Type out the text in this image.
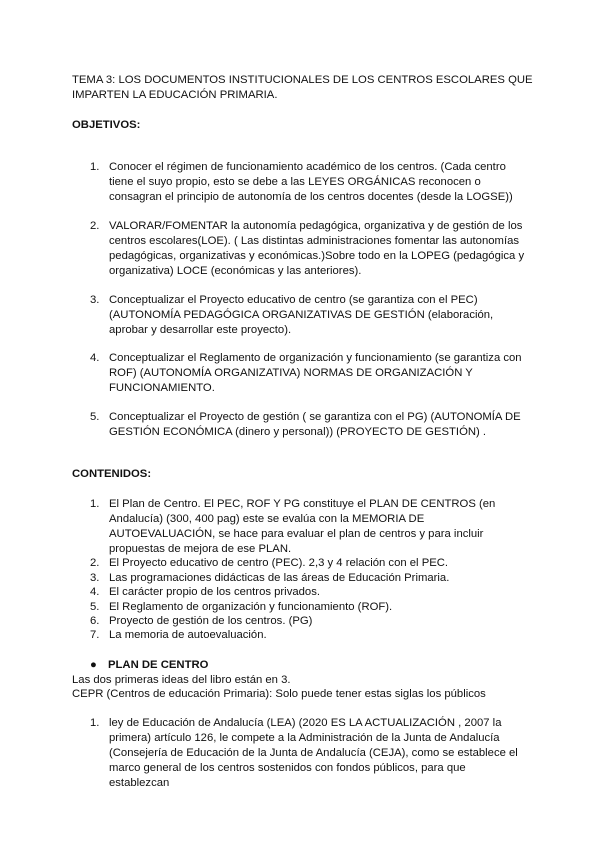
TEMA 3: LOS DOCUMENTOS INSTITUCIONALES DE LOS CENTROS ESCOLARES QUE IMPARTEN LA EDUCACIÓN PRIMARIA.
OBJETIVOS:
1. Conocer el régimen de funcionamiento académico de los centros. (Cada centro tiene el suyo propio, esto se debe a las LEYES ORGÁNICAS reconocen o consagran el principio de autonomía de los centros docentes (desde la LOGSE))
2. VALORAR/FOMENTAR la autonomía pedagógica, organizativa y de gestión de los centros escolares(LOE). ( Las distintas administraciones fomentar las autonomías pedagógicas, organizativas y económicas.)Sobre todo en la LOPEG (pedagógica y organizativa) LOCE (económicas y las anteriores).
3. Conceptualizar el Proyecto educativo de centro (se garantiza con el PEC) (AUTONOMÍA PEDAGÓGICA ORGANIZATIVAS DE GESTIÓN (elaboración, aprobar y desarrollar este proyecto).
4. Conceptualizar el Reglamento de organización y funcionamiento (se garantiza con ROF) (AUTONOMÍA ORGANIZATIVA) NORMAS DE ORGANIZACIÓN Y FUNCIONAMIENTO.
5. Conceptualizar el Proyecto de gestión ( se garantiza con el PG) (AUTONOMÍA DE GESTIÓN ECONÓMICA (dinero y personal)) (PROYECTO DE GESTIÓN) .
CONTENIDOS:
1. El Plan de Centro. El PEC, ROF Y PG constituye el PLAN DE CENTROS (en Andalucía) (300, 400 pag) este se evalúa con la MEMORIA DE AUTOEVALUACIÓN, se hace para evaluar el plan de centros y para incluir propuestas de mejora de ese PLAN.
2. El Proyecto educativo de centro (PEC). 2,3 y 4 relación con el PEC.
3. Las programaciones didácticas de las áreas de Educación Primaria.
4. El carácter propio de los centros privados.
5. El Reglamento de organización y funcionamiento (ROF).
6. Proyecto de gestión de los centros. (PG)
7. La memoria de autoevaluación.
● PLAN DE CENTRO
Las dos primeras ideas del libro están en 3.
CEPR (Centros de educación Primaria): Solo puede tener estas siglas los públicos
1. ley de Educación de Andalucía (LEA) (2020 ES LA ACTUALIZACIÓN , 2007 la primera) artículo 126, le compete a la Administración de la Junta de Andalucía (Consejería de Educación de la Junta de Andalucía (CEJA), como se establece el marco general de los centros sostenidos con fondos públicos, para que establezcan
